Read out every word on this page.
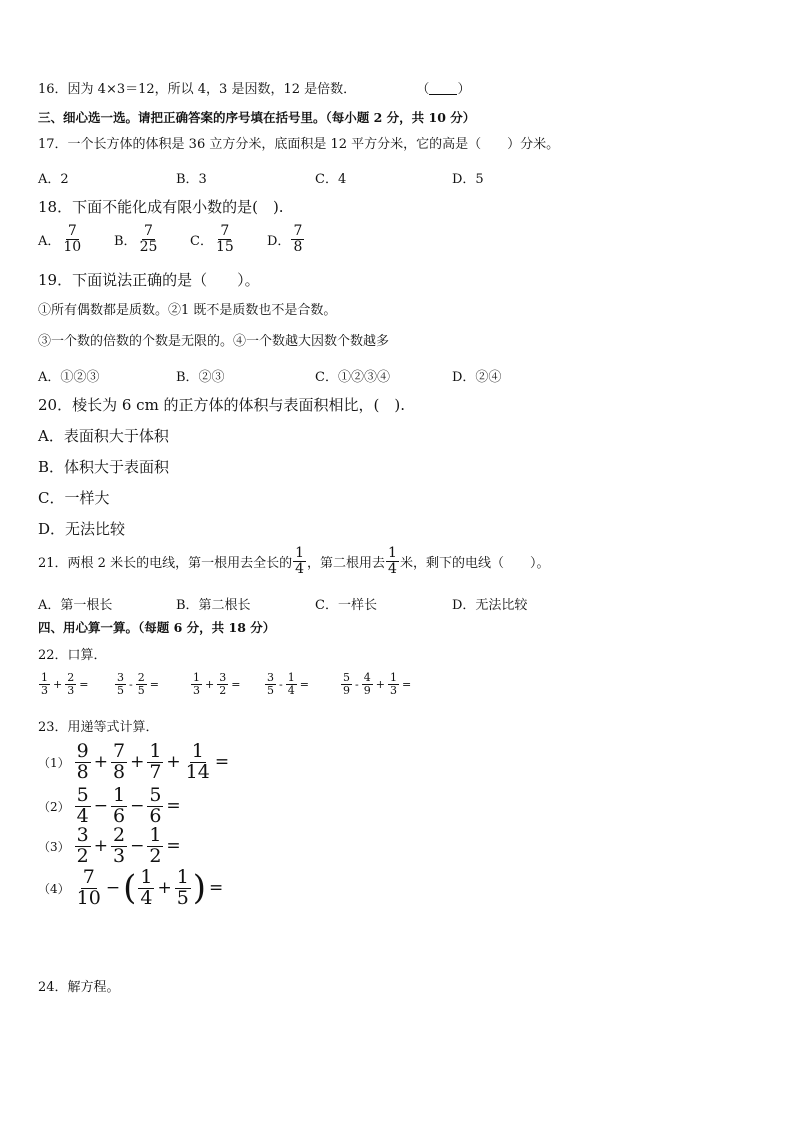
16．因为 4×3＝12，所以 4，3 是因数，12 是倍数．	（ ）
三、细心选一选。请把正确答案的序号填在括号里。（每小题 2 分，共 10 分）
17．一个长方体的体积是 36 立方分米，底面积是 12 平方分米，它的高是（　　）分米。
A．2	B．3	C．4	D．5
18．下面不能化成有限小数的是(　).
A． $\frac{7}{10}$ B． $\frac{7}{25}$ C． $\frac{7}{15}$ D． $\frac{7}{8}$
19．下面说法正确的是（　　）。
①所有偶数都是质数。②1 既不是质数也不是合数。
③一个数的倍数的个数是无限的。④一个数越大因数个数越多
A．①②③	B．②③	C．①②③④	D．②④
20．棱长为 6 cm 的正方体的体积与表面积相比，(　).
A．表面积大于体积
B．体积大于表面积
C．一样大
D．无法比较
21．两根 2 米长的电线，第一根用去全长的 $\frac{1}{4}$ ，第二根用去 $\frac{1}{4}$ 米，剩下的电线（　　）。
A．第一根长	B．第二根长	C．一样长	D．无法比较
四、用心算一算。（每题 6 分，共 18 分）
22．口算．
$\frac{1}{3} + \frac{2}{3} = \frac{3}{5} - \frac{2}{5}$ =	$\frac{1}{3} + \frac{3}{2} = \frac{3}{5} - \frac{1}{4}$ =	$\frac{5}{9} - \frac{4}{9} + \frac{1}{3}$ =
23．用递等式计算．
$(1) \frac{9}{8} + \frac{7}{8} + \frac{1}{7} + \frac{1}{14}$ =
$(2) \frac{5}{4} - \frac{1}{6} - \frac{5}{6}$ =
$(3) \frac{3}{2} + \frac{2}{3} - \frac{1}{2}$ =
$(4) \frac{7}{10}$ − ( $\frac{1}{4} + \frac{1}{5}$ ) =
24．解方程。
